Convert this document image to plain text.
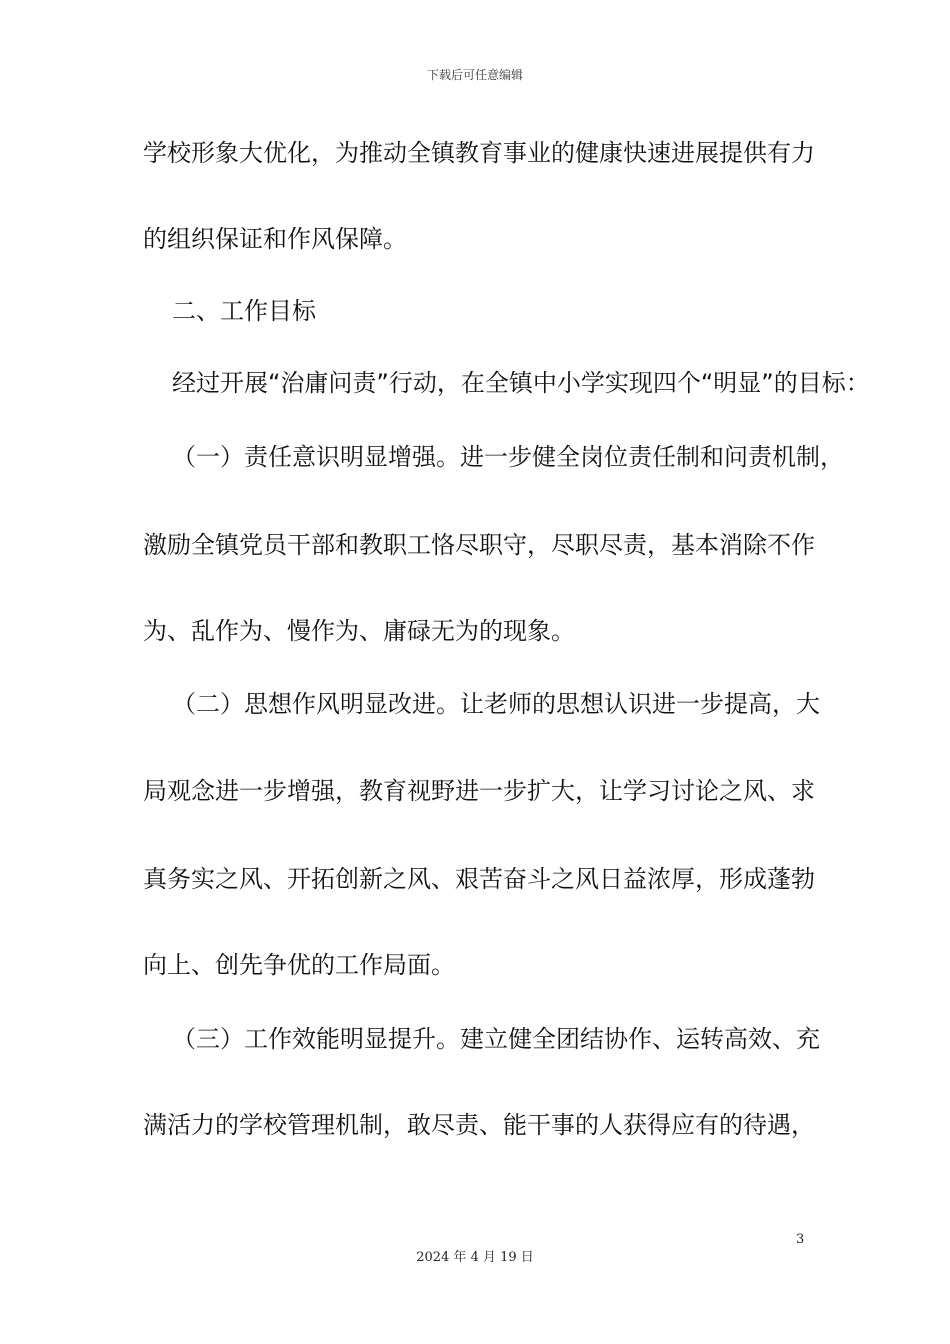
下载后可任意编辑
学校形象大优化，为推动全镇教育事业的健康快速进展提供有力
的组织保证和作风保障。
二、工作目标
经过开展“治庸问责”行动，在全镇中小学实现四个“明显”的目标：
（一）责任意识明显增强。进一步健全岗位责任制和问责机制，
激励全镇党员干部和教职工恪尽职守，尽职尽责，基本消除不作
为、乱作为、慢作为、庸碌无为的现象。
（二）思想作风明显改进。让老师的思想认识进一步提高，大
局观念进一步增强，教育视野进一步扩大，让学习讨论之风、求
真务实之风、开拓创新之风、艰苦奋斗之风日益浓厚，形成蓬勃
向上、创先争优的工作局面。
（三）工作效能明显提升。建立健全团结协作、运转高效、充
满活力的学校管理机制，敢尽责、能干事的人获得应有的待遇，
3
2024 年 4 月 19 日
